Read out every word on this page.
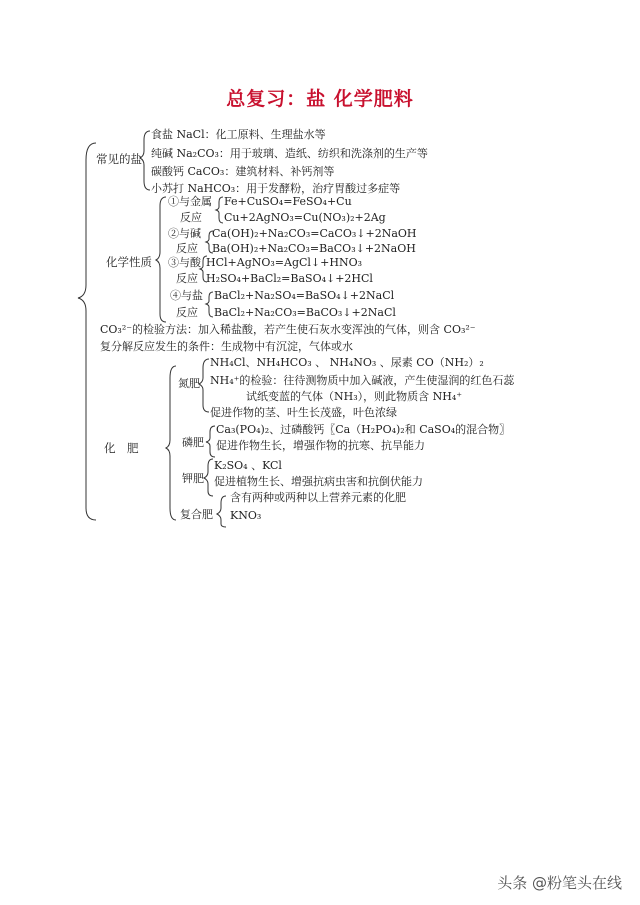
总复习：盐 化学肥料
常见的盐
食盐 NaCl：化工原料、生理盐水等
纯碱 Na₂CO₃：用于玻璃、造纸、纺织和洗涤剂的生产等
碳酸钙 CaCO₃：建筑材料、补钙剂等
小苏打 NaHCO₃：用于发酵粉，治疗胃酸过多症等
化学性质
①与金属
反应
Fe+CuSO₄=FeSO₄+Cu
Cu+2AgNO₃=Cu(NO₃)₂+2Ag
②与碱
反应
Ca(OH)₂+Na₂CO₃=CaCO₃↓+2NaOH
Ba(OH)₂+Na₂CO₃=BaCO₃↓+2NaOH
③与酸
反应
HCl+AgNO₃=AgCl↓+HNO₃
H₂SO₄+BaCl₂=BaSO₄↓+2HCl
④与盐
反应
BaCl₂+Na₂SO₄=BaSO₄↓+2NaCl
BaCl₂+Na₂CO₃=BaCO₃↓+2NaCl
CO₃²⁻的检验方法：加入稀盐酸，若产生使石灰水变浑浊的气体，则含 CO₃²⁻
复分解反应发生的条件：生成物中有沉淀，气体或水
化　肥
氮肥
NH₄Cl、NH₄HCO₃ 、 NH₄NO₃ 、尿素 CO（NH₂）₂
NH₄⁺的检验：往待测物质中加入碱液，产生使湿润的红色石蕊
试纸变蓝的气体（NH₃），则此物质含 NH₄⁺
促进作物的茎、叶生长茂盛，叶色浓绿
磷肥
Ca₃(PO₄)₂、过磷酸钙〖Ca（H₂PO₄)₂和 CaSO₄的混合物〗
促进作物生长，增强作物的抗寒、抗旱能力
钾肥
K₂SO₄ 、KCl
促进植物生长、增强抗病虫害和抗倒伏能力
复合肥
含有两种或两种以上营养元素的化肥
KNO₃
头条 @粉笔头在线
